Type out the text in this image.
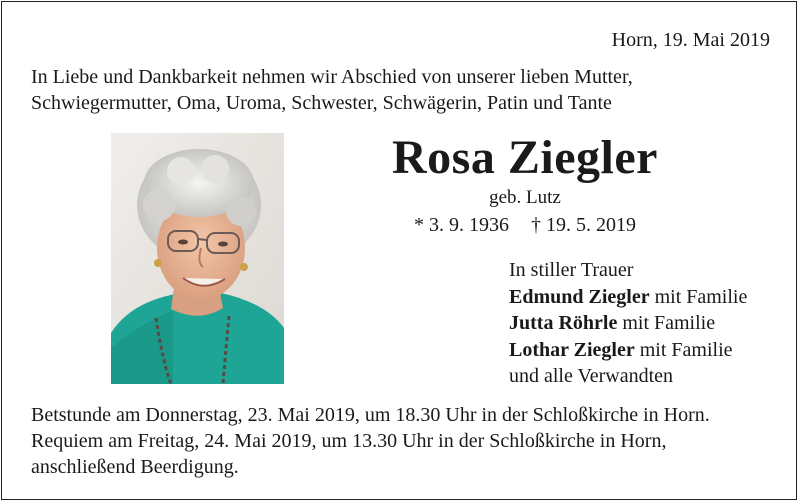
Horn, 19. Mai 2019
In Liebe und Dankbarkeit nehmen wir Abschied von unserer lieben Mutter,
Schwiegermutter, Oma, Uroma, Schwester, Schwägerin, Patin und Tante
Rosa Ziegler
geb. Lutz
* 3. 9. 1936 † 19. 5. 2019
In stiller Trauer
Edmund Ziegler mit Familie
Jutta Röhrle mit Familie
Lothar Ziegler mit Familie
und alle Verwandten
Betstunde am Donnerstag, 23. Mai 2019, um 18.30 Uhr in der Schloßkirche in Horn.
Requiem am Freitag, 24. Mai 2019, um 13.30 Uhr in der Schloßkirche in Horn,
anschließend Beerdigung.
